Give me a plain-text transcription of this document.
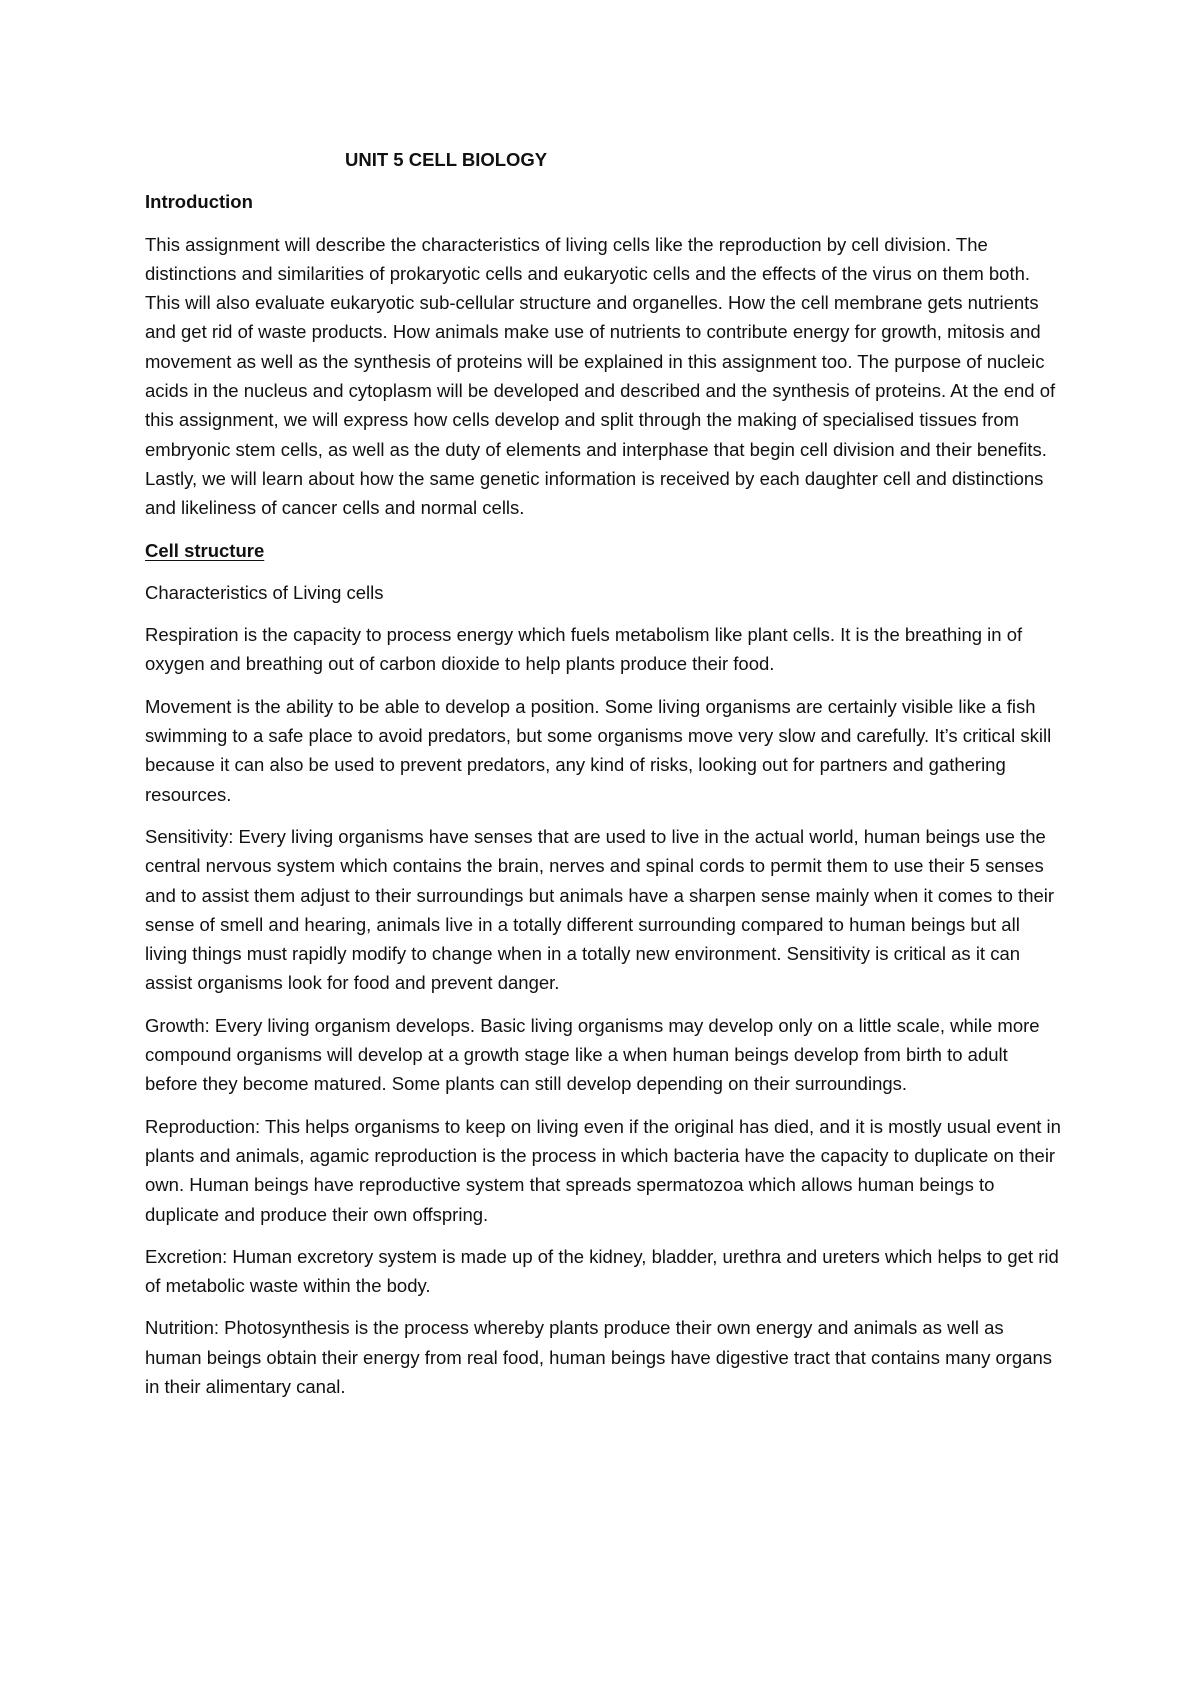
UNIT 5 CELL BIOLOGY
Introduction

This assignment will describe the characteristics of living cells like the reproduction by cell division. The distinctions and similarities of prokaryotic cells and eukaryotic cells and the effects of the virus on them both. This will also evaluate eukaryotic sub-cellular structure and organelles. How the cell membrane gets nutrients and get rid of waste products. How animals make use of nutrients to contribute energy for growth, mitosis and movement as well as the synthesis of proteins will be explained in this assignment too. The purpose of nucleic acids in the nucleus and cytoplasm will be developed and described and the synthesis of proteins. At the end of this assignment, we will express how cells develop and split through the making of specialised tissues from embryonic stem cells, as well as the duty of elements and interphase that begin cell division and their benefits. Lastly, we will learn about how the same genetic information is received by each daughter cell and distinctions and likeliness of cancer cells and normal cells.

Cell structure

Characteristics of Living cells

Respiration is the capacity to process energy which fuels metabolism like plant cells. It is the breathing in of oxygen and breathing out of carbon dioxide to help plants produce their food.

Movement is the ability to be able to develop a position. Some living organisms are certainly visible like a fish swimming to a safe place to avoid predators, but some organisms move very slow and carefully. It’s critical skill because it can also be used to prevent predators, any kind of risks, looking out for partners and gathering resources.

Sensitivity: Every living organisms have senses that are used to live in the actual world, human beings use the central nervous system which contains the brain, nerves and spinal cords to permit them to use their 5 senses and to assist them adjust to their surroundings but animals have a sharpen sense mainly when it comes to their sense of smell and hearing, animals live in a totally different surrounding compared to human beings but all living things must rapidly modify to change when in a totally new environment. Sensitivity is critical as it can assist organisms look for food and prevent danger.

Growth: Every living organism develops. Basic living organisms may develop only on a little scale, while more compound organisms will develop at a growth stage like a when human beings develop from birth to adult before they become matured. Some plants can still develop depending on their surroundings.

Reproduction: This helps organisms to keep on living even if the original has died, and it is mostly usual event in plants and animals, agamic reproduction is the process in which bacteria have the capacity to duplicate on their own. Human beings have reproductive system that spreads spermatozoa which allows human beings to duplicate and produce their own offspring.

Excretion: Human excretory system is made up of the kidney, bladder, urethra and ureters which helps to get rid of metabolic waste within the body.

Nutrition: Photosynthesis is the process whereby plants produce their own energy and animals as well as human beings obtain their energy from real food, human beings have digestive tract that contains many organs in their alimentary canal.
